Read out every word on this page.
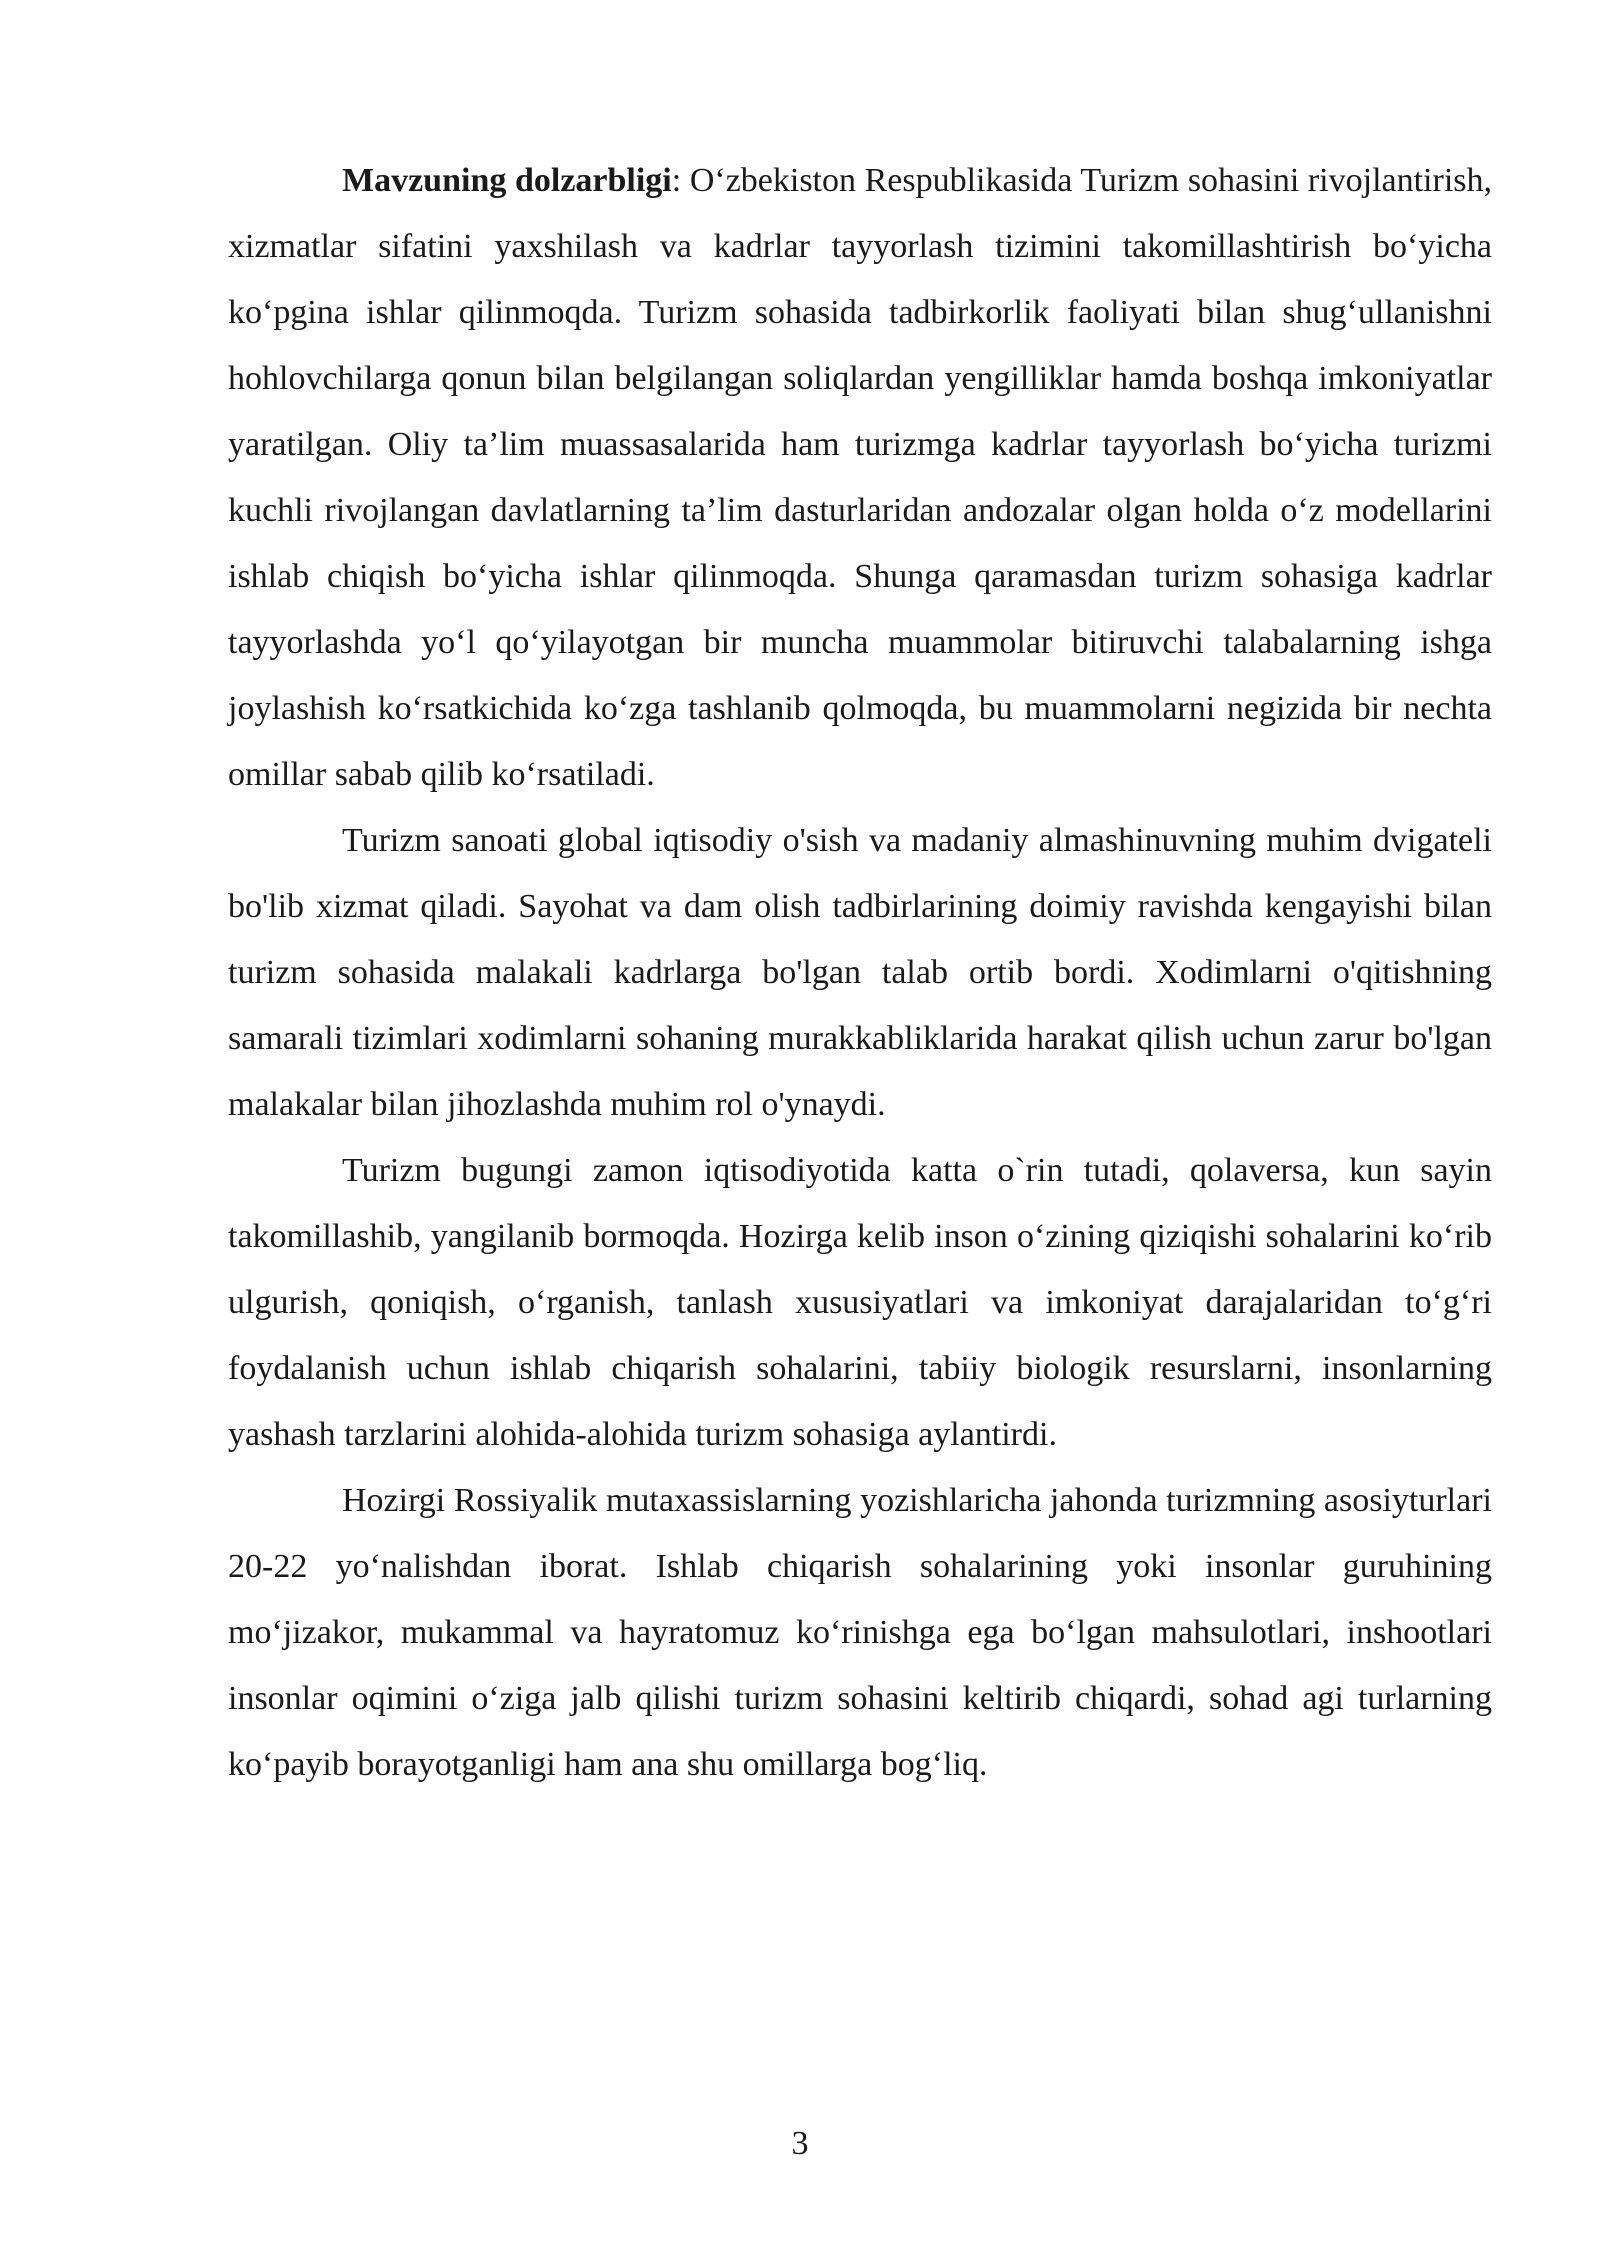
Mavzuning dolzarbligi: O‘zbekiston Respublikasida Turizm sohasini rivojlantirish, xizmatlar sifatini yaxshilash va kadrlar tayyorlash tizimini takomillashtirish bo‘yicha ko‘pgina ishlar qilinmoqda. Turizm sohasida tadbirkorlik faoliyati bilan shug‘ullanishni hohlovchilarga qonun bilan belgilangan soliqlardan yengilliklar hamda boshqa imkoniyatlar yaratilgan. Oliy ta’lim muassasalarida ham turizmga kadrlar tayyorlash bo‘yicha turizmi kuchli rivojlangan davlatlarning ta’lim dasturlaridan andozalar olgan holda o‘z modellarini ishlab chiqish bo‘yicha ishlar qilinmoqda. Shunga qaramasdan turizm sohasiga kadrlar tayyorlashda yo‘l qo‘yilayotgan bir muncha muammolar bitiruvchi talabalarning ishga joylashish ko‘rsatkichida ko‘zga tashlanib qolmoqda, bu muammolarni negizida bir nechta omillar sabab qilib ko‘rsatiladi.

Turizm sanoati global iqtisodiy o'sish va madaniy almashinuvning muhim dvigateli bo'lib xizmat qiladi. Sayohat va dam olish tadbirlarining doimiy ravishda kengayishi bilan turizm sohasida malakali kadrlarga bo'lgan talab ortib bordi. Xodimlarni o'qitishning samarali tizimlari xodimlarni sohaning murakkabliklarida harakat qilish uchun zarur bo'lgan malakalar bilan jihozlashda muhim rol o'ynaydi.

Turizm bugungi zamon iqtisodiyotida katta o`rin tutadi, qolaversa, kun sayin takomillashib, yangilanib bormoqda. Hozirga kelib inson o‘zining qiziqishi sohalarini ko‘rib ulgurish, qoniqish, o‘rganish, tanlash xususiyatlari va imkoniyat darajalaridan to‘g‘ri foydalanish uchun ishlab chiqarish sohalarini, tabiiy biologik resurslarni, insonlarning yashash tarzlarini alohida-alohida turizm sohasiga aylantirdi.

Hozirgi Rossiyalik mutaxassislarning yozishlaricha jahonda turizmning asosiyturlari 20-22 yo‘nalishdan iborat. Ishlab chiqarish sohalarining yoki insonlar guruhining mo‘jizakor, mukammal va hayratomuz ko‘rinishga ega bo‘lgan mahsulotlari, inshootlari insonlar oqimini o‘ziga jalb qilishi turizm sohasini keltirib chiqardi, sohad agi turlarning ko‘payib borayotganligi ham ana shu omillarga bog‘liq.

3
